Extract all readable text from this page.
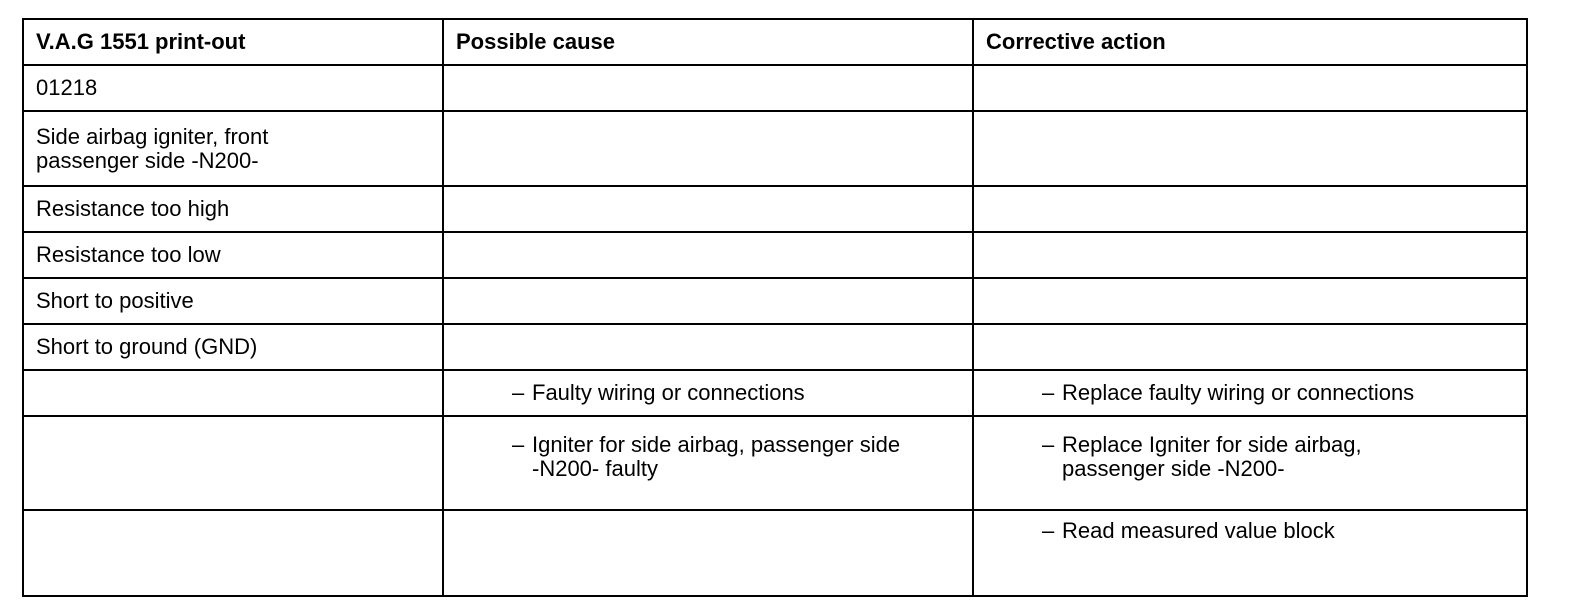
V.A.G 1551 print-out	Possible cause	Corrective action
01218		

Side airbag igniter, front passenger side -N200-		

Resistance too high		
Resistance too low		
Short to positive		
Short to ground (GND)		

	– Faulty wiring or connections	– Replace faulty wiring or connections

	– Igniter for side airbag, passenger side -N200- faulty	– Replace Igniter for side airbag, passenger side -N200-

		– Read measured value block
